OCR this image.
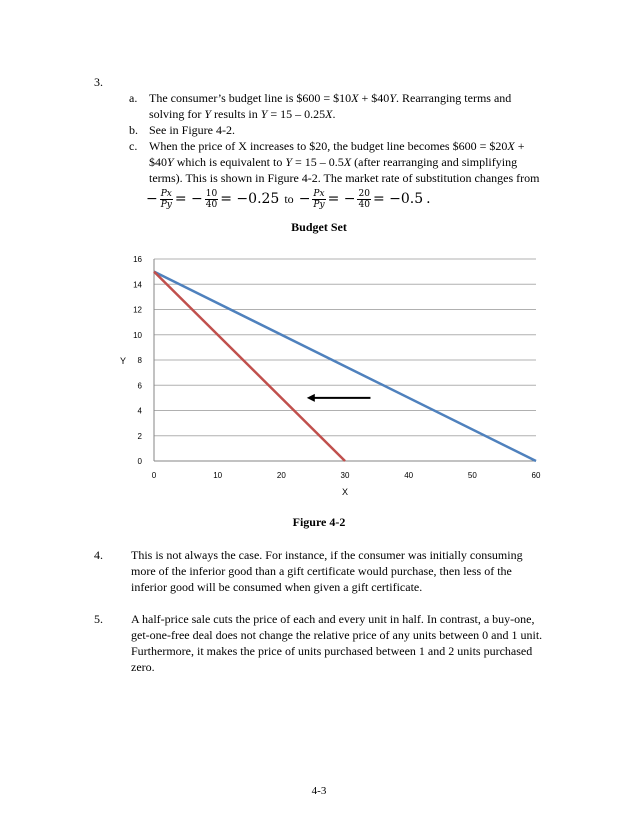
3.
a. The consumer’s budget line is $600 = $10X + $40Y. Rearranging terms and
solving for Y results in Y = 15 – 0.25X.
b. See in Figure 4-2.
c. When the price of X increases to $20, the budget line becomes $600 = $20X +
$40Y which is equivalent to Y = 15 – 0.5X (after rearranging and simplifying
terms). This is shown in Figure 4-2. The market rate of substitution changes from
− $\frac{Px}{Py}$ = − $\frac{10}{40} = -0.25$ to − $\frac{Px}{Py}$ = − $\frac{20}{40} = -0.5$ .
Budget Set
0
2
4
6
8
10
12
14
16
0	10	20	30	40	50	60
Y
X
Figure 4-2
4. This is not always the case. For instance, if the consumer was initially consuming
more of the inferior good than a gift certificate would purchase, then less of the
inferior good will be consumed when given a gift certificate.
5. A half-price sale cuts the price of each and every unit in half. In contrast, a buy-one,
get-one-free deal does not change the relative price of any units between 0 and 1 unit.
Furthermore, it makes the price of units purchased between 1 and 2 units purchased
zero.
4-3
